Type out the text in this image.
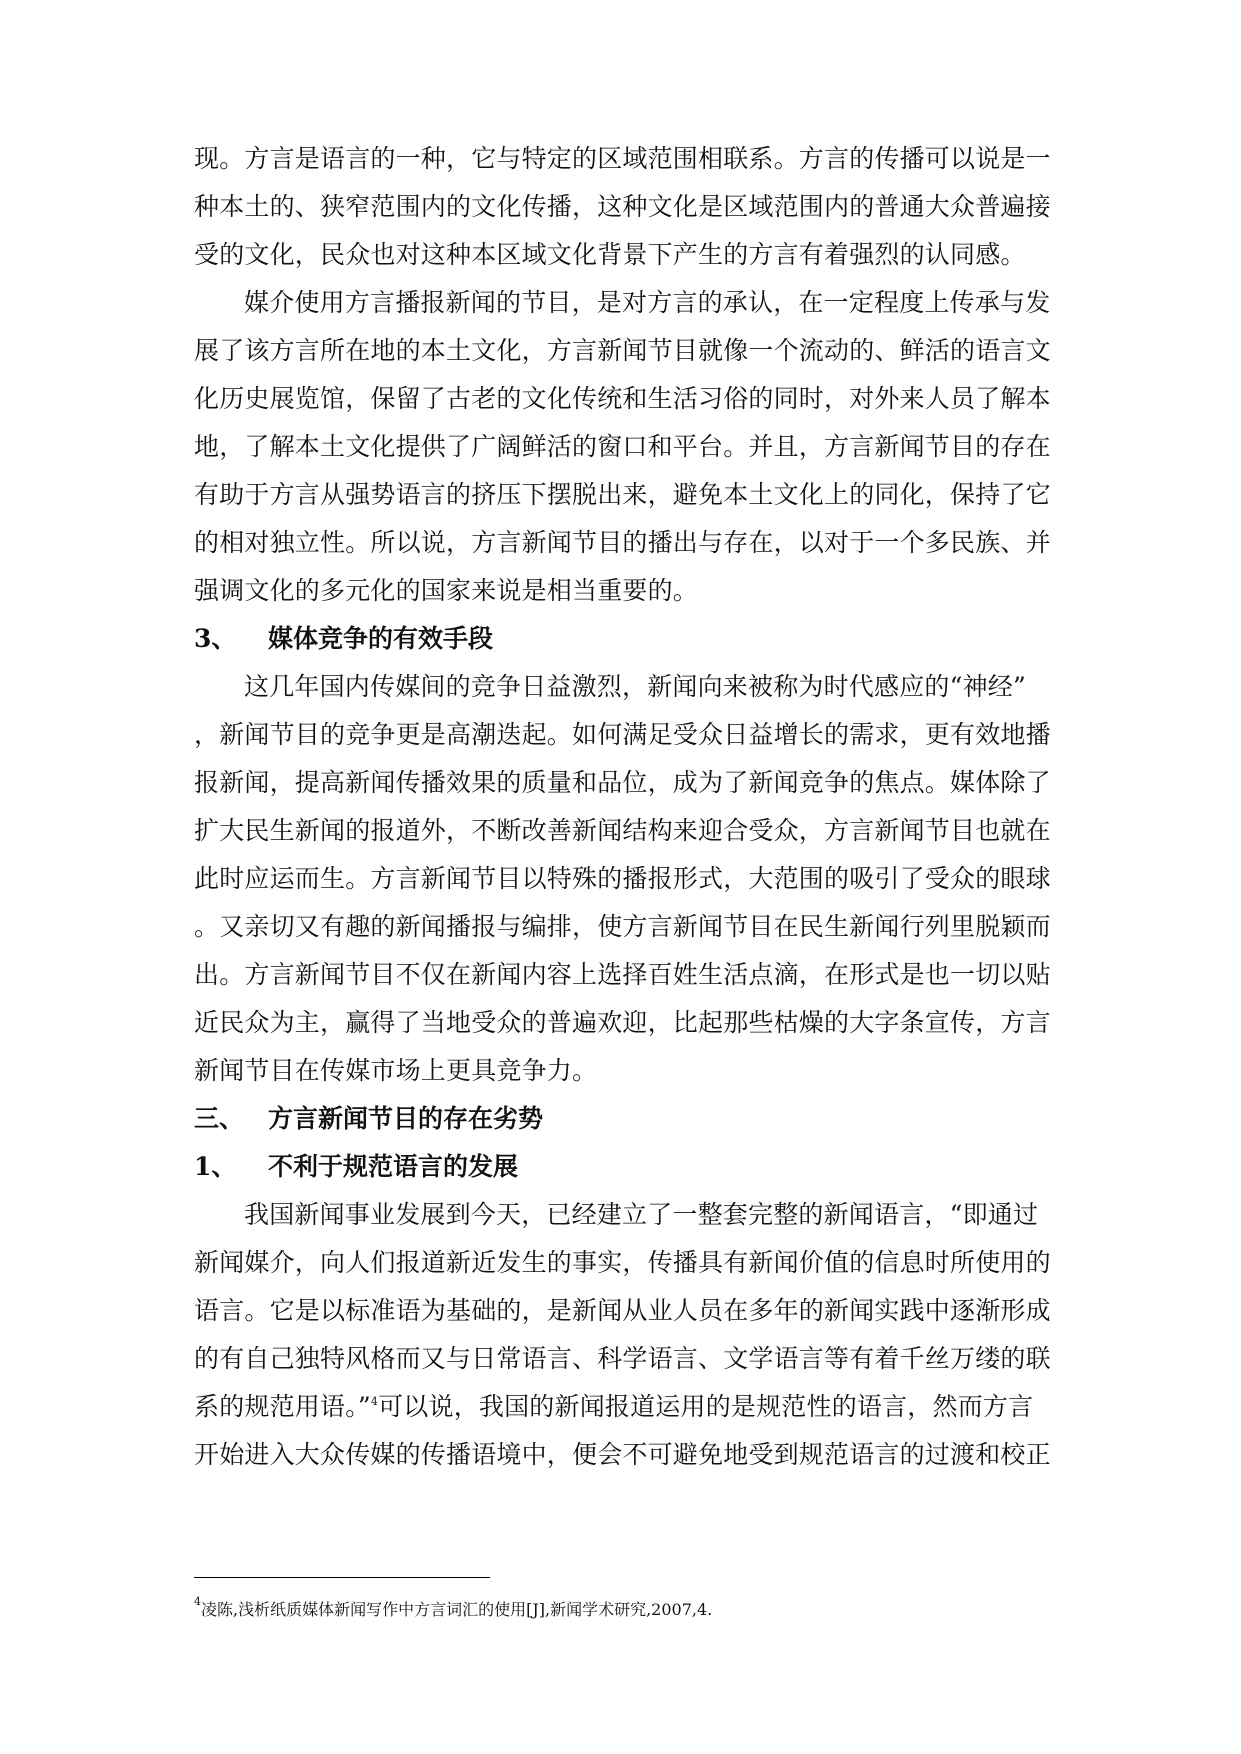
现。方言是语言的一种，它与特定的区域范围相联系。方言的传播可以说是一
种本土的、狭窄范围内的文化传播，这种文化是区域范围内的普通大众普遍接
受的文化，民众也对这种本区域文化背景下产生的方言有着强烈的认同感。
媒介使用方言播报新闻的节目，是对方言的承认，在一定程度上传承与发
展了该方言所在地的本土文化，方言新闻节目就像一个流动的、鲜活的语言文
化历史展览馆，保留了古老的文化传统和生活习俗的同时，对外来人员了解本
地，了解本土文化提供了广阔鲜活的窗口和平台。并且，方言新闻节目的存在
有助于方言从强势语言的挤压下摆脱出来，避免本土文化上的同化，保持了它
的相对独立性。所以说，方言新闻节目的播出与存在，以对于一个多民族、并
强调文化的多元化的国家来说是相当重要的。
3、 媒体竞争的有效手段
这几年国内传媒间的竞争日益激烈，新闻向来被称为时代感应的“神经”
，新闻节目的竞争更是高潮迭起。如何满足受众日益增长的需求，更有效地播
报新闻，提高新闻传播效果的质量和品位，成为了新闻竞争的焦点。媒体除了
扩大民生新闻的报道外，不断改善新闻结构来迎合受众，方言新闻节目也就在
此时应运而生。方言新闻节目以特殊的播报形式，大范围的吸引了受众的眼球
。又亲切又有趣的新闻播报与编排，使方言新闻节目在民生新闻行列里脱颖而
出。方言新闻节目不仅在新闻内容上选择百姓生活点滴，在形式是也一切以贴
近民众为主，赢得了当地受众的普遍欢迎，比起那些枯燥的大字条宣传，方言
新闻节目在传媒市场上更具竞争力。
三、 方言新闻节目的存在劣势
1、 不利于规范语言的发展
我国新闻事业发展到今天，已经建立了一整套完整的新闻语言，“即通过
新闻媒介，向人们报道新近发生的事实，传播具有新闻价值的信息时所使用的
语言。它是以标准语为基础的，是新闻从业人员在多年的新闻实践中逐渐形成
的有自己独特风格而又与日常语言、科学语言、文学语言等有着千丝万缕的联
系的规范用语。”$^4$可以说，我国的新闻报道运用的是规范性的语言，然而方言
开始进入大众传媒的传播语境中，便会不可避免地受到规范语言的过渡和校正
$^4$凌陈,浅析纸质媒体新闻写作中方言词汇的使用[J],新闻学术研究,2007,4.
